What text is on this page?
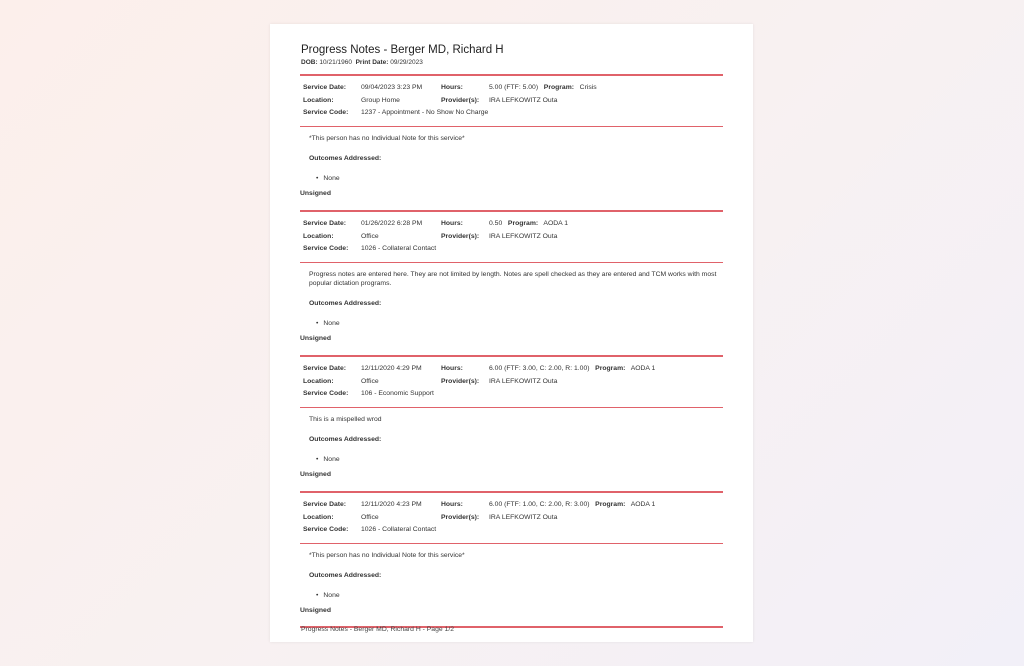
Progress Notes - Berger MD, Richard H
DOB: 10/21/1960 Print Date: 09/29/2023
Service Date: 09/04/2023 3:23 PM	Hours:	5.00 (FTF: 5.00) Program: Crisis
Location:	Group Home	Provider(s): IRA LEFKOWITZ Outa
Service Code: 1237 - Appointment - No Show No Charge
*This person has no Individual Note for this service*
Outcomes Addressed:
• None
Unsigned
Service Date: 01/26/2022 6:28 PM	Hours:	0.50 Program: AODA 1
Location:	Office	Provider(s): IRA LEFKOWITZ Outa
Service Code: 1026 - Collateral Contact
Progress notes are entered here. They are not limited by length. Notes are spell checked as they are entered and TCM works with most popular dictation programs.
Outcomes Addressed:
• None
Unsigned
Service Date: 12/11/2020 4:29 PM	Hours:	6.00 (FTF: 3.00, C: 2.00, R: 1.00) Program: AODA 1
Location:	Office	Provider(s): IRA LEFKOWITZ Outa
Service Code: 106 - Economic Support
This is a mispelled wrod
Outcomes Addressed:
• None
Unsigned
Service Date: 12/11/2020 4:23 PM	Hours:	6.00 (FTF: 1.00, C: 2.00, R: 3.00) Program: AODA 1
Location:	Office	Provider(s): IRA LEFKOWITZ Outa
Service Code: 1026 - Collateral Contact
*This person has no Individual Note for this service*
Outcomes Addressed:
• None
Unsigned
Progress Notes - Berger MD, Richard H - Page 1/2
